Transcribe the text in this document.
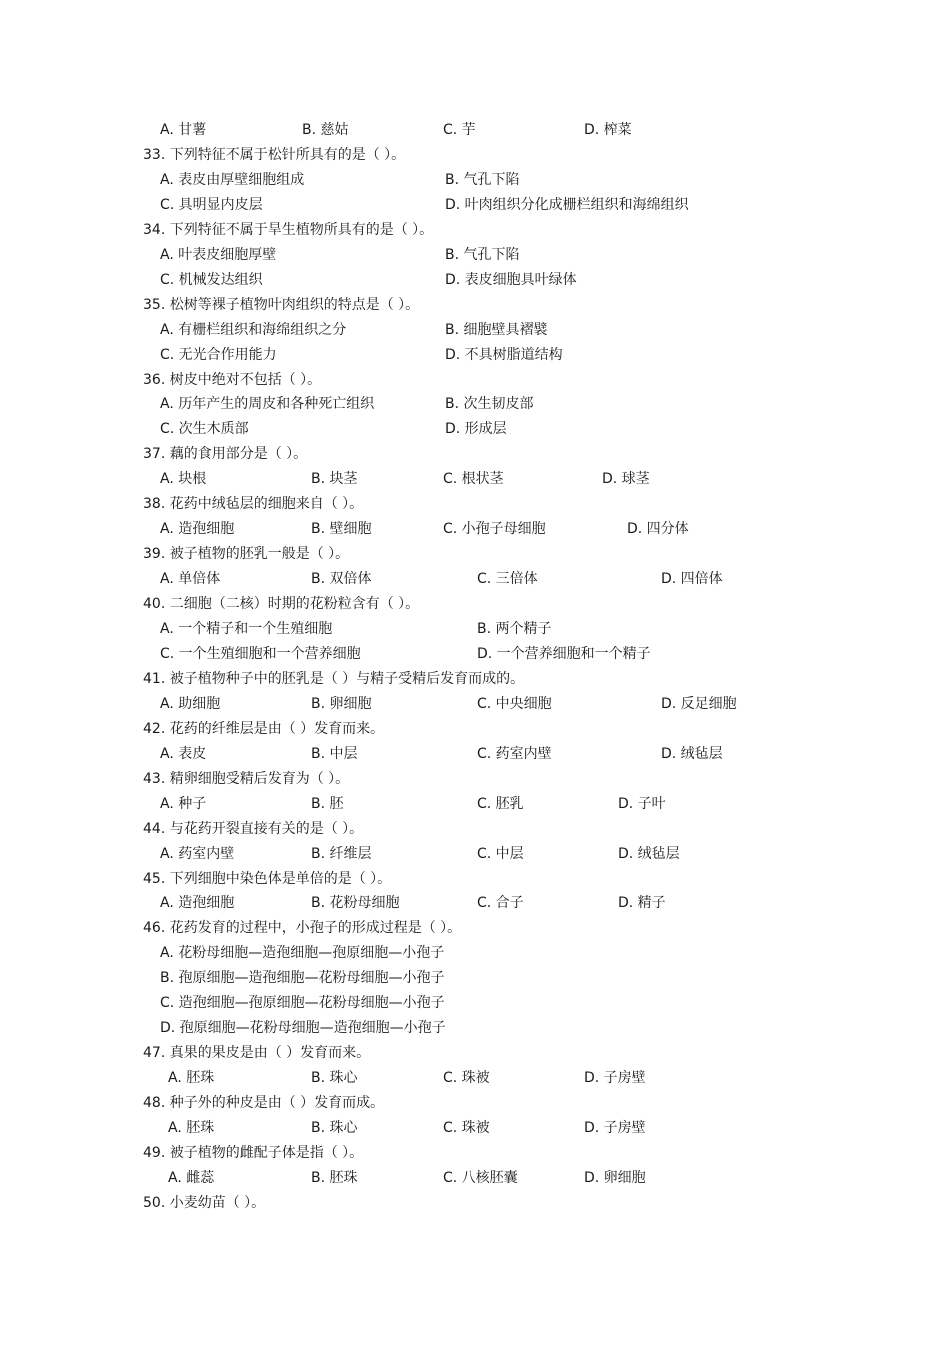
A. 甘薯	B. 慈姑	C. 芋	D. 榨菜
33. 下列特征不属于松针所具有的是（ ）。
A. 表皮由厚壁细胞组成	B. 气孔下陷
C. 具明显内皮层	D. 叶肉组织分化成栅栏组织和海绵组织
34. 下列特征不属于旱生植物所具有的是（ ）。
A. 叶表皮细胞厚壁	B. 气孔下陷
C. 机械发达组织	D. 表皮细胞具叶绿体
35. 松树等裸子植物叶肉组织的特点是（ ）。
A. 有栅栏组织和海绵组织之分	B. 细胞壁具褶襞
C. 无光合作用能力	D. 不具树脂道结构
36. 树皮中绝对不包括（ ）。
A. 历年产生的周皮和各种死亡组织	B. 次生韧皮部
C. 次生木质部	D. 形成层
37. 藕的食用部分是（ ）。
A. 块根	B. 块茎	C. 根状茎	D. 球茎
38. 花药中绒毡层的细胞来自（ ）。
A. 造孢细胞	B. 壁细胞	C. 小孢子母细胞	D. 四分体
39. 被子植物的胚乳一般是（ ）。
A. 单倍体	B. 双倍体	C. 三倍体	D. 四倍体
40. 二细胞（二核）时期的花粉粒含有（ ）。
A. 一个精子和一个生殖细胞	B. 两个精子
C. 一个生殖细胞和一个营养细胞	D. 一个营养细胞和一个精子
41. 被子植物种子中的胚乳是（ ）与精子受精后发育而成的。
A. 助细胞	B. 卵细胞	C. 中央细胞	D. 反足细胞
42. 花药的纤维层是由（ ）发育而来。
A. 表皮	B. 中层	C. 药室内壁	D. 绒毡层
43. 精卵细胞受精后发育为（ ）。
A. 种子	B. 胚	C. 胚乳	D. 子叶
44. 与花药开裂直接有关的是（ ）。
A. 药室内壁	B. 纤维层	C. 中层	D. 绒毡层
45. 下列细胞中染色体是单倍的是（ ）。
A. 造孢细胞	B. 花粉母细胞	C. 合子	D. 精子
46. 花药发育的过程中，小孢子的形成过程是（ ）。
A. 花粉母细胞—造孢细胞—孢原细胞—小孢子
B. 孢原细胞—造孢细胞—花粉母细胞—小孢子
C. 造孢细胞—孢原细胞—花粉母细胞—小孢子
D. 孢原细胞—花粉母细胞—造孢细胞—小孢子
47. 真果的果皮是由（ ）发育而来。
A. 胚珠	B. 珠心	C. 珠被	D. 子房壁
48. 种子外的种皮是由（ ）发育而成。
A. 胚珠	B. 珠心	C. 珠被	D. 子房壁
49. 被子植物的雌配子体是指（ ）。
A. 雌蕊	B. 胚珠	C. 八核胚囊	D. 卵细胞
50. 小麦幼苗（ ）。
